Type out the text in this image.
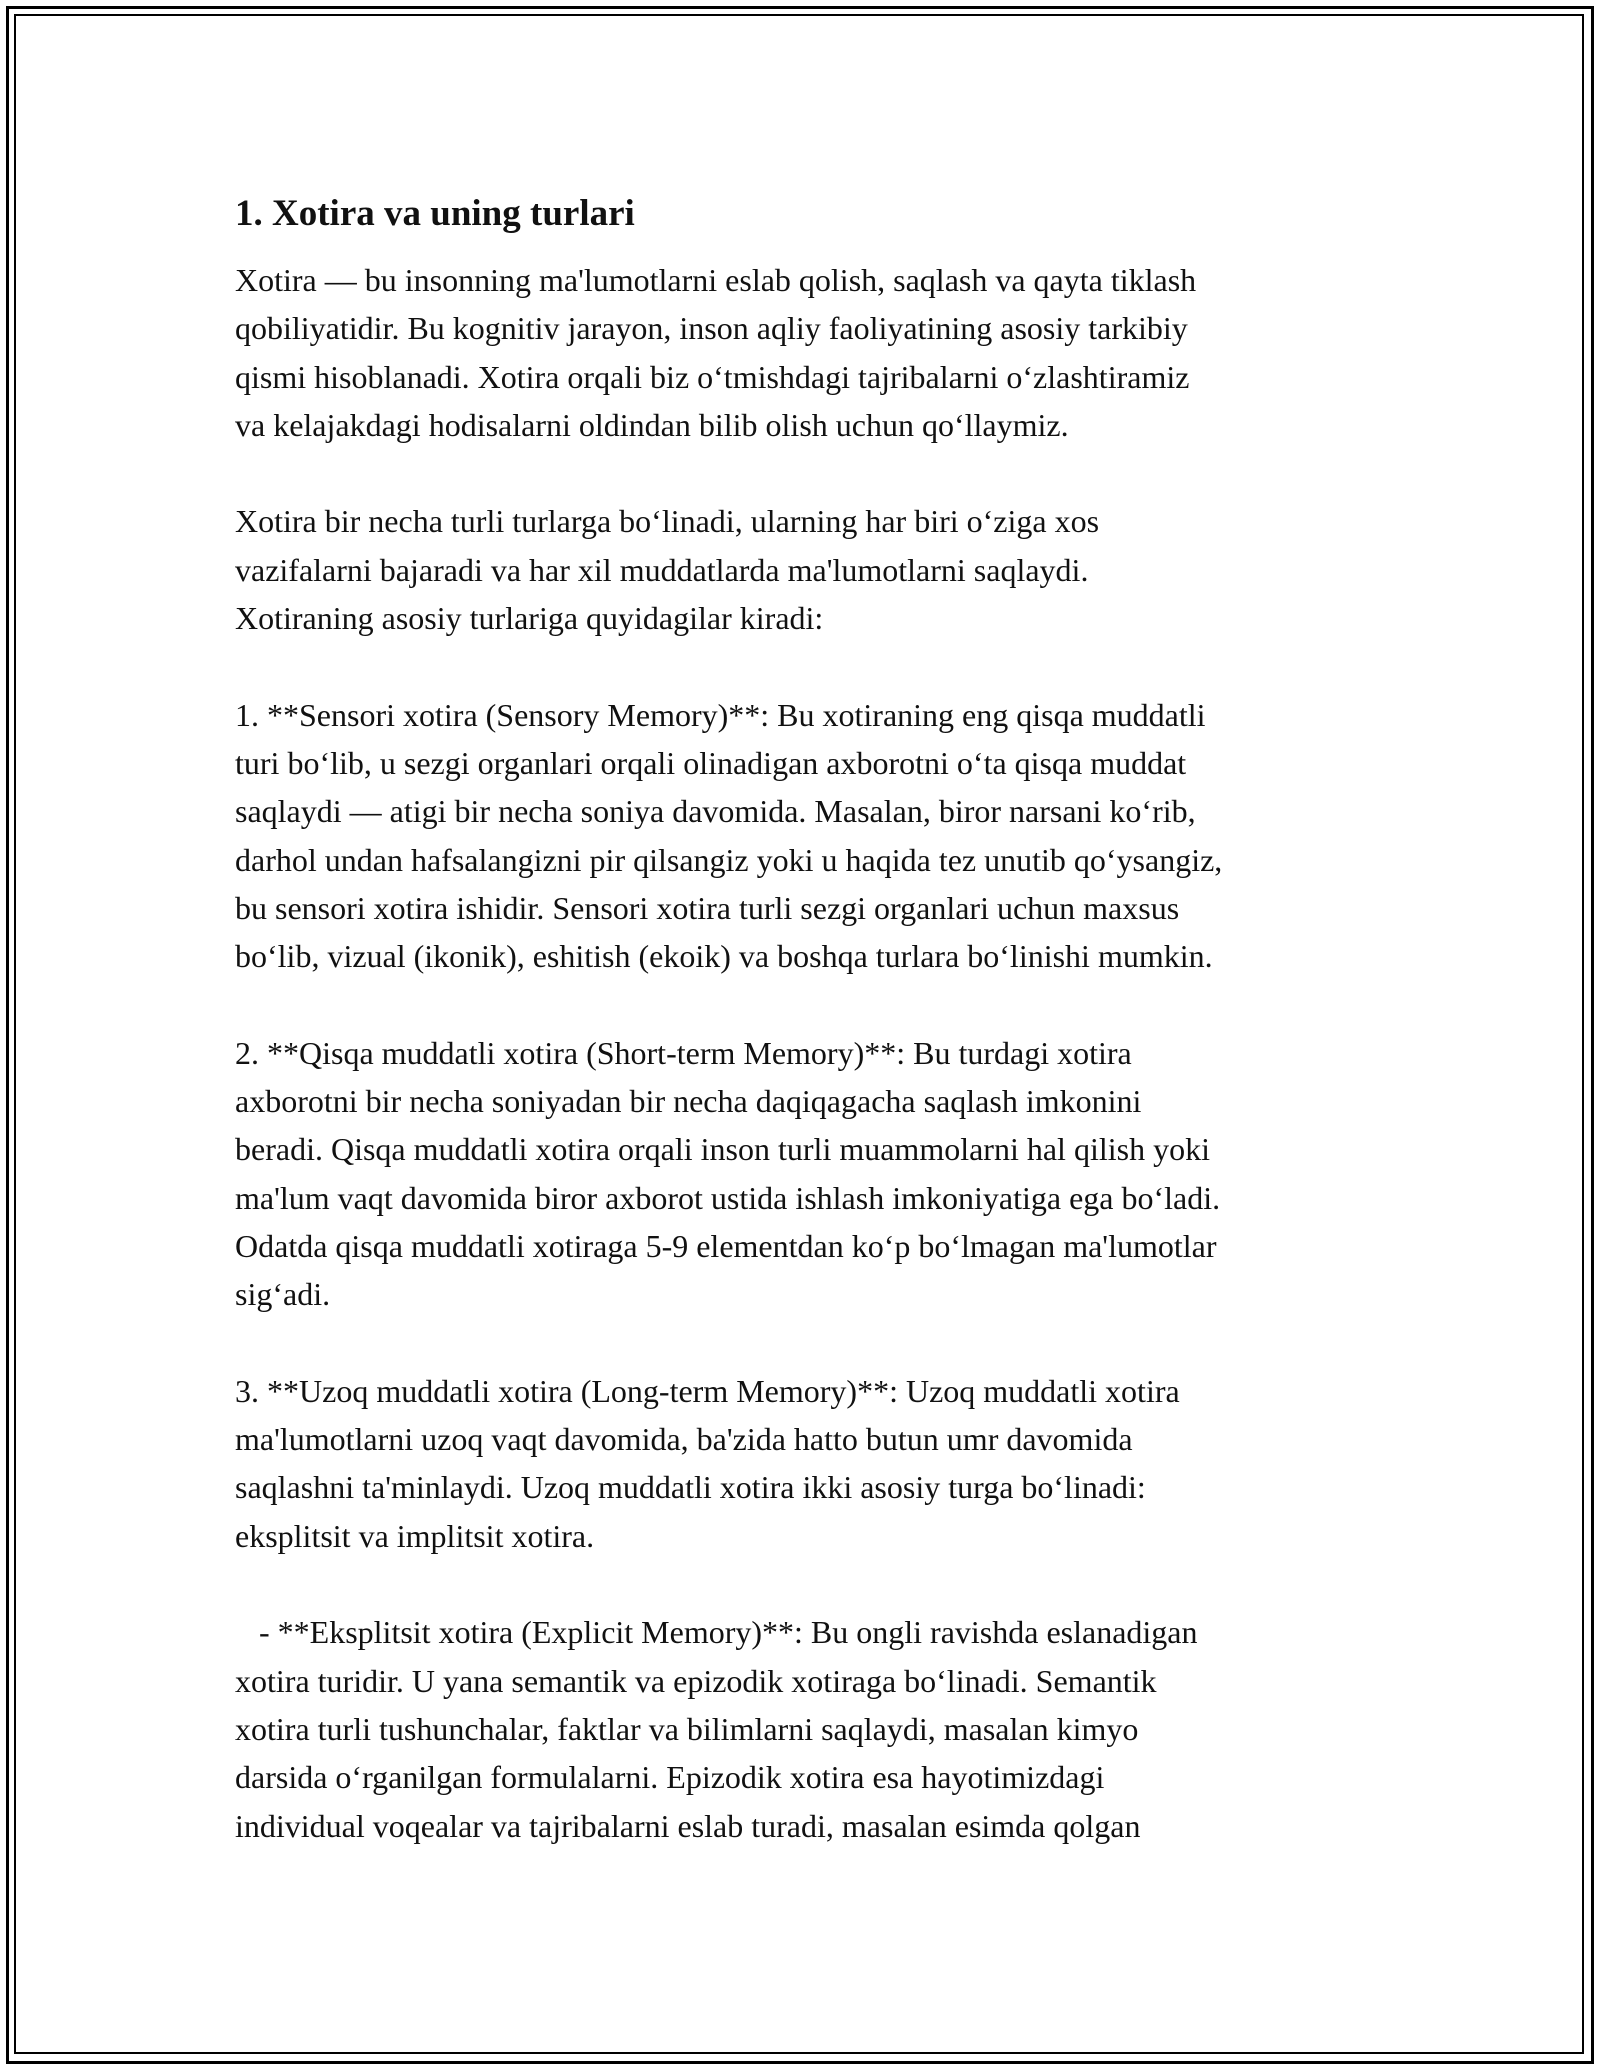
1. Xotira va uning turlari
Xotira — bu insonning ma'lumotlarni eslab qolish, saqlash va qayta tiklash
qobiliyatidir. Bu kognitiv jarayon, inson aqliy faoliyatining asosiy tarkibiy
qismi hisoblanadi. Xotira orqali biz o‘tmishdagi tajribalarni o‘zlashtiramiz
va kelajakdagi hodisalarni oldindan bilib olish uchun qo‘llaymiz.
Xotira bir necha turli turlarga bo‘linadi, ularning har biri o‘ziga xos
vazifalarni bajaradi va har xil muddatlarda ma'lumotlarni saqlaydi.
Xotiraning asosiy turlariga quyidagilar kiradi:
1. **Sensori xotira (Sensory Memory)**: Bu xotiraning eng qisqa muddatli
turi bo‘lib, u sezgi organlari orqali olinadigan axborotni o‘ta qisqa muddat
saqlaydi — atigi bir necha soniya davomida. Masalan, biror narsani ko‘rib,
darhol undan hafsalangizni pir qilsangiz yoki u haqida tez unutib qo‘ysangiz,
bu sensori xotira ishidir. Sensori xotira turli sezgi organlari uchun maxsus
bo‘lib, vizual (ikonik), eshitish (ekoik) va boshqa turlara bo‘linishi mumkin.
2. **Qisqa muddatli xotira (Short-term Memory)**: Bu turdagi xotira
axborotni bir necha soniyadan bir necha daqiqagacha saqlash imkonini
beradi. Qisqa muddatli xotira orqali inson turli muammolarni hal qilish yoki
ma'lum vaqt davomida biror axborot ustida ishlash imkoniyatiga ega bo‘ladi.
Odatda qisqa muddatli xotiraga 5-9 elementdan ko‘p bo‘lmagan ma'lumotlar
sig‘adi.
3. **Uzoq muddatli xotira (Long-term Memory)**: Uzoq muddatli xotira
ma'lumotlarni uzoq vaqt davomida, ba'zida hatto butun umr davomida
saqlashni ta'minlaydi. Uzoq muddatli xotira ikki asosiy turga bo‘linadi:
eksplitsit va implitsit xotira.
- **Eksplitsit xotira (Explicit Memory)**: Bu ongli ravishda eslanadigan
xotira turidir. U yana semantik va epizodik xotiraga bo‘linadi. Semantik
xotira turli tushunchalar, faktlar va bilimlarni saqlaydi, masalan kimyo
darsida o‘rganilgan formulalarni. Epizodik xotira esa hayotimizdagi
individual voqealar va tajribalarni eslab turadi, masalan esimda qolgan
